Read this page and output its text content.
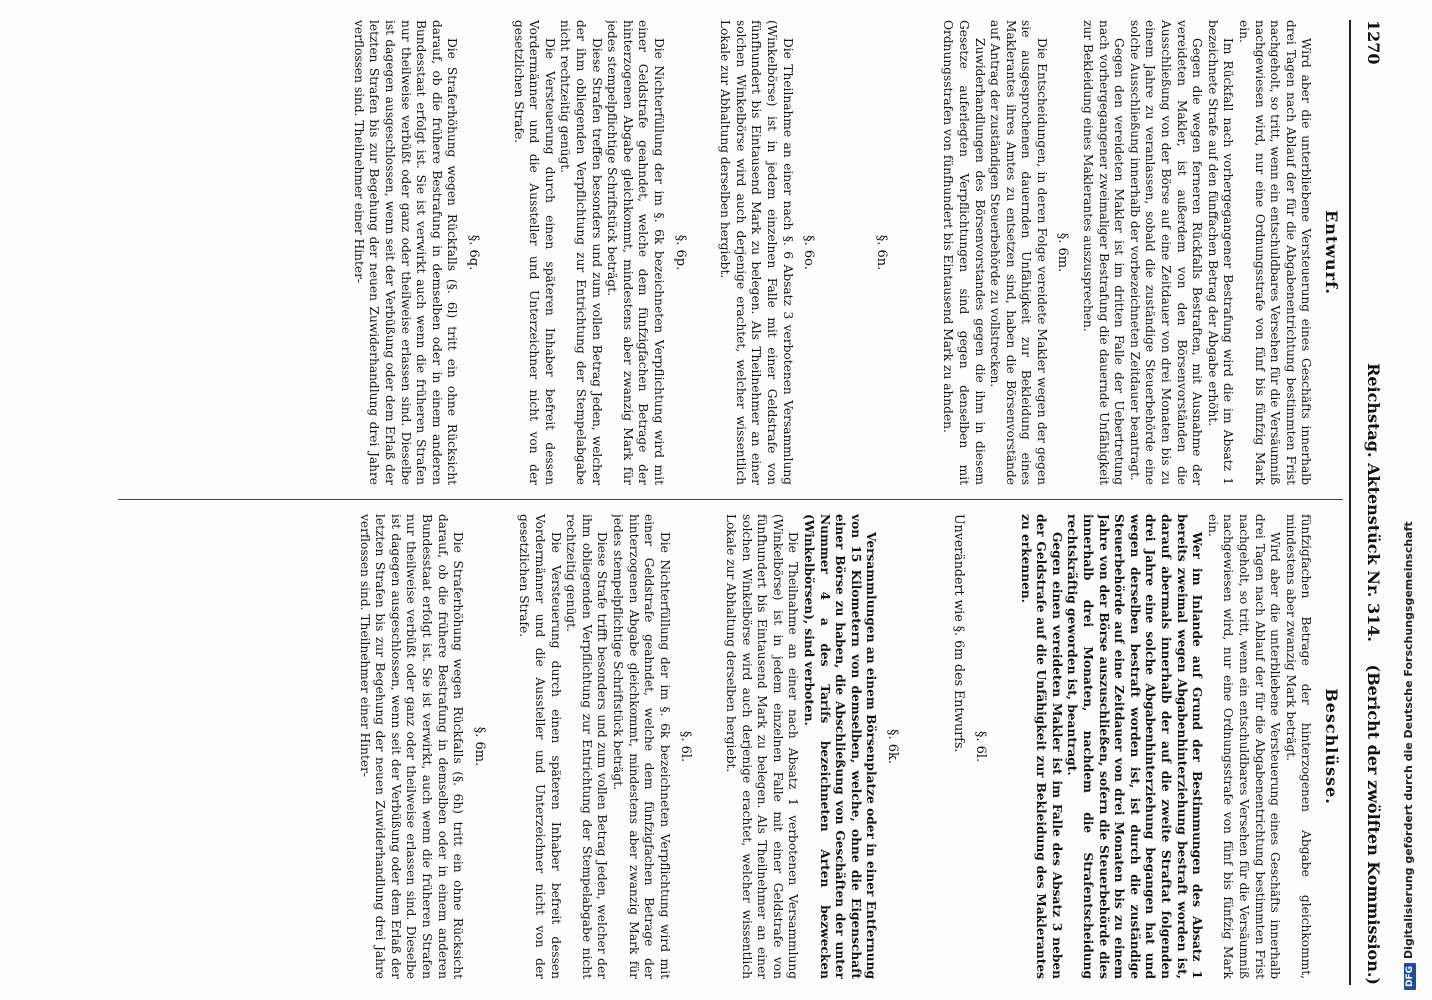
1270
Reichstag. Aktenstück Nr. 314.
(Bericht der zwölften Kommission.)
Entwurf.

Wird aber die unterbliebene Versteuerung eines Geschäfts innerhalb drei Tagen nach Ablauf der für die Abgabenentrichtung bestimmten Frist nachgeholt, so tritt, wenn ein entschuldbares Versehen für die Versäumniß nachgewiesen wird, nur eine Ordnungsstrafe von fünf bis fünfzig Mark ein.

Im Rückfall nach vorhergegangener Bestrafung wird die im Absatz 1 bezeichnete Strafe auf den fünffachen Betrag der Abgabe erhöht.

Gegen die wegen ferneren Rückfalls Bestraften, mit Ausnahme der vereideten Makler, ist außerdem von den Börsenvorständen die Ausschließung von der Börse auf eine Zeitdauer von drei Monaten bis zu einem Jahre zu veranlassen, sobald die zuständige Steuerbehörde eine solche Ausschließung innerhalb der vorbezeichneten Zeitdauer beantragt.

Gegen den vereideten Makler ist im dritten Falle der Uebertretung nach vorhergegangener zweimaliger Bestrafung die dauernde Unfähigkeit zur Bekleidung eines Maklerantes auszusprechen.

§. 6m.

Die Entscheidungen, in deren Folge vereidete Makler wegen der gegen sie ausgesprochenen dauernden Unfähigkeit zur Bekleidung eines Maklerantes ihres Amtes zu entsetzen sind, haben die Börsenvorstände auf Antrag der zuständigen Steuerbehörde zu vollstrecken.

Zuwiderhandlungen des Börsenvorstandes gegen die ihm in diesem Gesetze auferlegten Verpflichtungen sind gegen denselben mit Ordnungsstrafen von fünfhundert bis Eintausend Mark zu ahnden.

§. 6n.
§. 6o.

Die Theilnahme an einer nach §. 6 Absatz 3 verbotenen Versammlung (Winkelbörse) ist in jedem einzelnen Falle mit einer Geldstrafe von fünfhundert bis Eintausend Mark zu belegen. Als Theilnehmer an einer solchen Winkelbörse wird auch derjenige erachtet, welcher wissentlich Lokale zur Abhaltung derselben hergiebt.

§. 6p.

Die Nichterfüllung der im §. 6k bezeichneten Verpflichtung wird mit einer Geldstrafe geahndet, welche dem fünfzigfachen Betrage der hinterzogenen Abgabe gleichkommt, mindestens aber zwanzig Mark für jedes stempelpflichtige Schriftstück beträgt.

Diese Strafen treffen besonders und zum vollen Betrag Jeden, welcher der ihm obliegenden Verpflichtung zur Entrichtung der Stempelabgabe nicht rechtzeitig genügt.

Die Versteuerung durch einen späteren Inhaber befreit dessen Vordermänner und die Aussteller und Unterzeichner nicht von der gesetzlichen Strafe.

§. 6q.

Die Straferhöhung wegen Rückfalls (§. 6l) tritt ein ohne Rücksicht darauf, ob die frühere Bestrafung in demselben oder in einem anderen Bundesstaat erfolgt ist. Sie ist verwirkt auch wenn die früheren Strafen nur theilweise verbüßt oder ganz oder theilweise erlassen sind. Dieselbe ist dagegen ausgeschlossen, wenn seit der Verbüßung oder dem Erlaß der letzten Strafen bis zur Begehung der neuen Zuwiderhandlung drei Jahre verflossen sind. Theilnehmer einer Hinter-

Beschlüsse.

fünfzigfachen Betrage der hinterzogenen Abgabe gleichkommt, mindestens aber zwanzig Mark beträgt.

Wird aber die unterbliebene Versteuerung eines Geschäfts innerhalb drei Tagen nach Ablauf der für die Abgabenentrichtung bestimmten Frist nachgeholt, so tritt, wenn ein entschuldbares Versehen für die Versäumniß nachgewiesen wird, nur eine Ordnungsstrafe von fünf bis fünfzig Mark ein.

Wer im Inlande auf Grund der Bestimmungen des Absatz 1 bereits zweimal wegen Abgabenhinterziehung bestraft worden ist, darauf abermals innerhalb der auf die zweite Straftat folgenden drei Jahre eine solche Abgabenhinterziehung begangen hat und wegen derselben bestraft worden ist, ist durch die zuständige Steuerbehörde auf eine Zeitdauer von drei Monaten bis zu einem Jahre von der Börse auszuschließen, sofern die Steuerbehörde dies innerhalb drei Monaten, nachdem die Strafentscheidung rechtskräftig geworden ist, beantragt.

Gegen einen vereideten Makler ist im Falle des Absatz 3 neben der Geldstrafe auf die Unfähigkeit zur Bekleidung des Maklerantes zu erkennen.

§. 6l.

Unverändert wie §. 6m des Entwurfs.

§. 6k.

Versammlungen an einem Börsenplatze oder in einer Entfernung von 15 Kilometern von demselben, welche, ohne die Eigenschaft einer Börse zu haben, die Abschließung von Geschäften der unter Nummer 4 a des Tarifs bezeichneten Arten bezwecken (Winkelbörsen), sind verboten.

Die Theilnahme an einer nach Absatz 1 verbotenen Versammlung (Winkelbörse) ist in jedem einzelnen Falle mit einer Geldstrafe von fünfhundert bis Eintausend Mark zu belegen. Als Theilnehmer an einer solchen Winkelbörse wird auch derjenige erachtet, welcher wissentlich Lokale zur Abhaltung derselben hergiebt.

§. 6l.

Die Nichterfüllung der im §. 6k bezeichneten Verpflichtung wird mit einer Geldstrafe geahndet, welche dem fünfzigfachen Betrage der hinterzogenen Abgabe gleichkommt, mindestens aber zwanzig Mark für jedes stempelpflichtige Schriftstück beträgt.

Diese Strafe trifft besonders und zum vollen Betrag Jeden, welcher der ihm obliegenden Verpflichtung zur Entrichtung der Stempelabgabe nicht rechtzeitig genügt.

Die Versteuerung durch einen späteren Inhaber befreit dessen Vordermänner und die Aussteller und Unterzeichner nicht von der gesetzlichen Strafe.

§. 6m.

Die Straferhöhung wegen Rückfalls (§. 6h) tritt ein ohne Rücksicht darauf, ob die frühere Bestrafung in demselben oder in einem anderen Bundesstaat erfolgt ist. Sie ist verwirkt, auch wenn die früheren Strafen nur theilweise verbüßt oder ganz oder theilweise erlassen sind. Dieselbe ist dagegen ausgeschlossen, wenn seit der Verbüßung oder dem Erlaß der letzten Strafen bis zur Begehung der neuen Zuwiderhandlung drei Jahre verflossen sind. Theilnehmer einer Hinter-

DFGDigitalisierung gefördert durch die Deutsche Forschungsgemeinschaft
